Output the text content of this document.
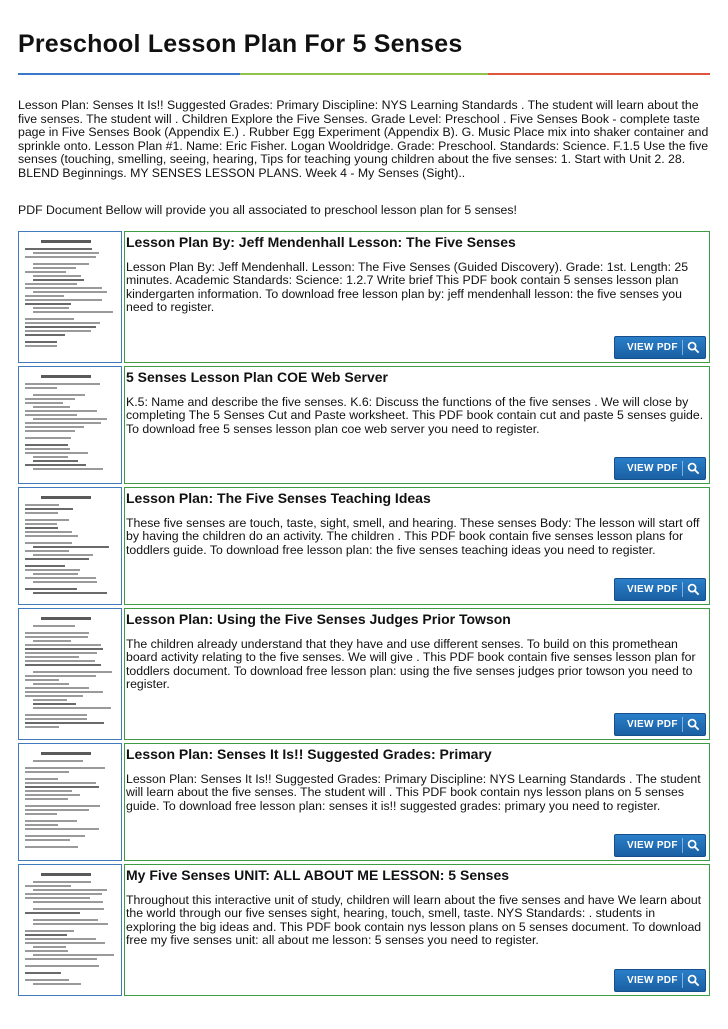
Preschool Lesson Plan For 5 Senses

Lesson Plan: Senses It Is!! Suggested Grades: Primary Discipline: NYS Learning Standards . The student will learn about the five senses. The student will . Children Explore the Five Senses. Grade Level: Preschool . Five Senses Book - complete taste page in Five Senses Book (Appendix E.) . Rubber Egg Experiment (Appendix B). G. Music Place mix into shaker container and sprinkle onto. Lesson Plan #1. Name: Eric Fisher. Logan Wooldridge. Grade: Preschool. Standards: Science. F.1.5 Use the five senses (touching, smelling, seeing, hearing, Tips for teaching young children about the five senses: 1. Start with Unit 2. 28. BLEND Beginnings. MY SENSES LESSON PLANS. Week 4 - My Senses (Sight)..

PDF Document Bellow will provide you all associated to preschool lesson plan for 5 senses!

Lesson Plan By: Jeff Mendenhall Lesson: The Five Senses
Lesson Plan By: Jeff Mendenhall. Lesson: The Five Senses (Guided Discovery). Grade: 1st. Length: 25 minutes. Academic Standards: Science: 1.2.7 Write brief This PDF book contain 5 senses lesson plan kindergarten information. To download free lesson plan by: jeff mendenhall lesson: the five senses you need to register.
VIEW PDF
5 Senses Lesson Plan COE Web Server
K.5: Name and describe the five senses. K.6: Discuss the functions of the five senses . We will close by completing The 5 Senses Cut and Paste worksheet. This PDF book contain cut and paste 5 senses guide. To download free 5 senses lesson plan coe web server you need to register.
VIEW PDF
Lesson Plan: The Five Senses Teaching Ideas
These five senses are touch, taste, sight, smell, and hearing. These senses Body: The lesson will start off by having the children do an activity. The children . This PDF book contain five senses lesson plans for toddlers guide. To download free lesson plan: the five senses teaching ideas you need to register.
VIEW PDF
Lesson Plan: Using the Five Senses Judges Prior Towson
The children already understand that they have and use different senses. To build on this promethean board activity relating to the five senses. We will give . This PDF book contain five senses lesson plan for toddlers document. To download free lesson plan: using the five senses judges prior towson you need to register.
VIEW PDF
Lesson Plan: Senses It Is!! Suggested Grades: Primary
Lesson Plan: Senses It Is!! Suggested Grades: Primary Discipline: NYS Learning Standards . The student will learn about the five senses. The student will . This PDF book contain nys lesson plans on 5 senses guide. To download free lesson plan: senses it is!! suggested grades: primary you need to register.
VIEW PDF
My Five Senses UNIT: ALL ABOUT ME LESSON: 5 Senses
Throughout this interactive unit of study, children will learn about the five senses and have We learn about the world through our five senses sight, hearing, touch, smell, taste. NYS Standards: . students in exploring the big ideas and. This PDF book contain nys lesson plans on 5 senses document. To download free my five senses unit: all about me lesson: 5 senses you need to register.
VIEW PDF
